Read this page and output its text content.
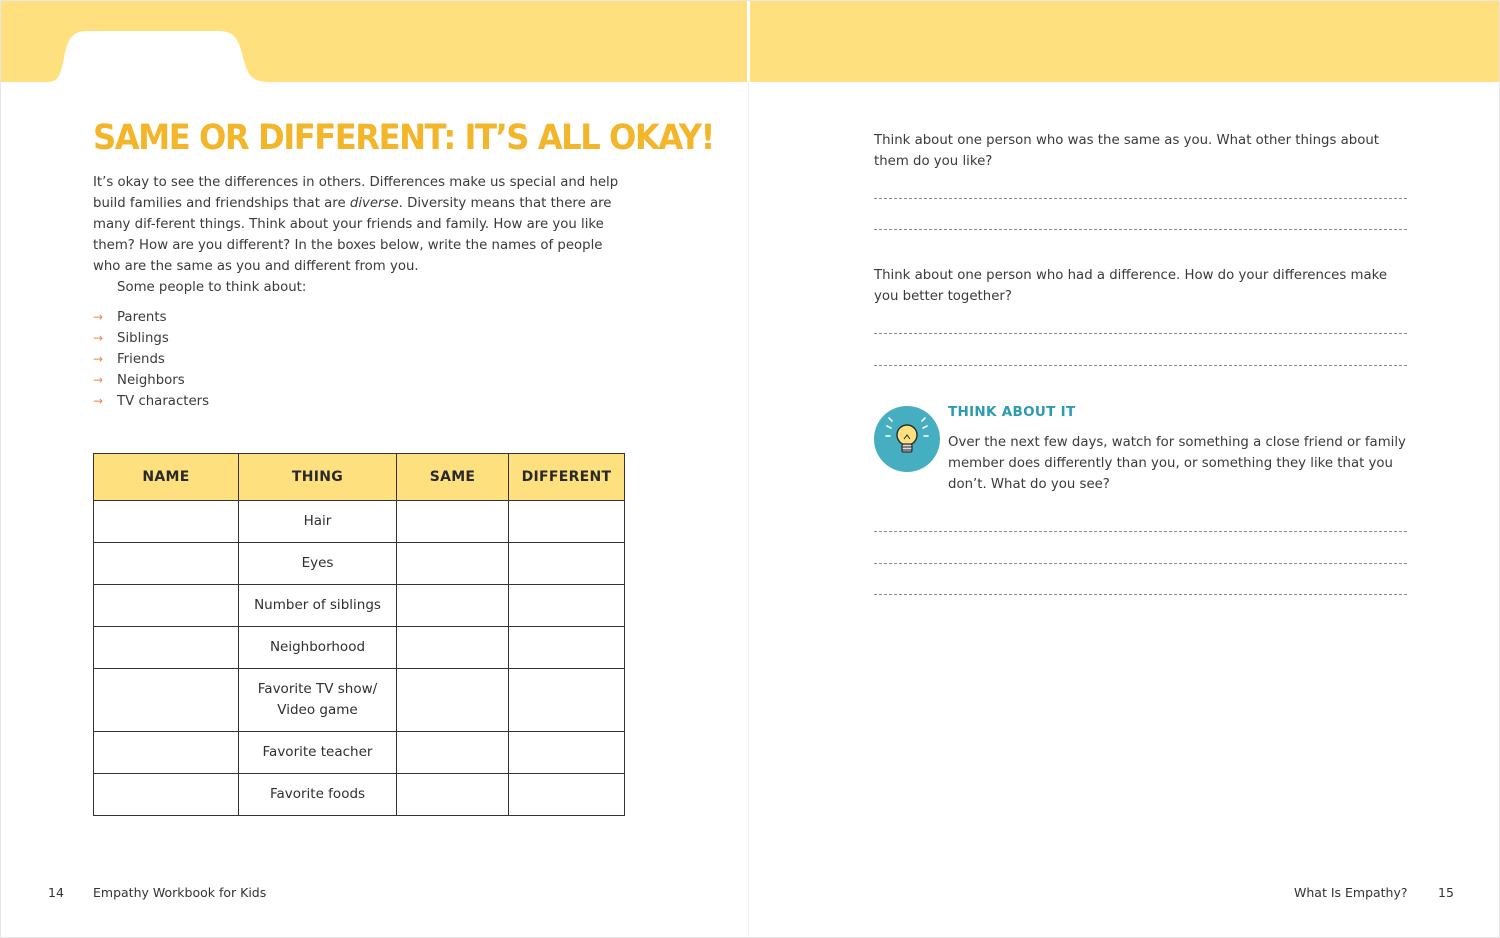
SAME OR DIFFERENT: IT’S ALL OKAY!

It’s okay to see the differences in others. Differences make us special and help build families and friendships that are diverse. Diversity means that there are many dif-ferent things. Think about your friends and family. How are you like them? How are you different? In the boxes below, write the names of people who are the same as you and different from you.

Some people to think about:

→	Parents
→	Siblings
→	Friends
→	Neighbors
→	TV characters
NAME	THING	SAME	DIFFERENT
	Hair		
	Eyes		
	Number of siblings		
	Neighborhood		
	Favorite TV show/
Video game		
	Favorite teacher		
	Favorite foods		
14 Empathy Workbook for Kids
Think about one person who was the same as you. What other things about them do you like?
Think about one person who had a difference. How do your differences make you better together?
THINK ABOUT IT
Over the next few days, watch for something a close friend or family member does differently than you, or something they like that you don’t. What do you see?
What Is Empathy? 15
